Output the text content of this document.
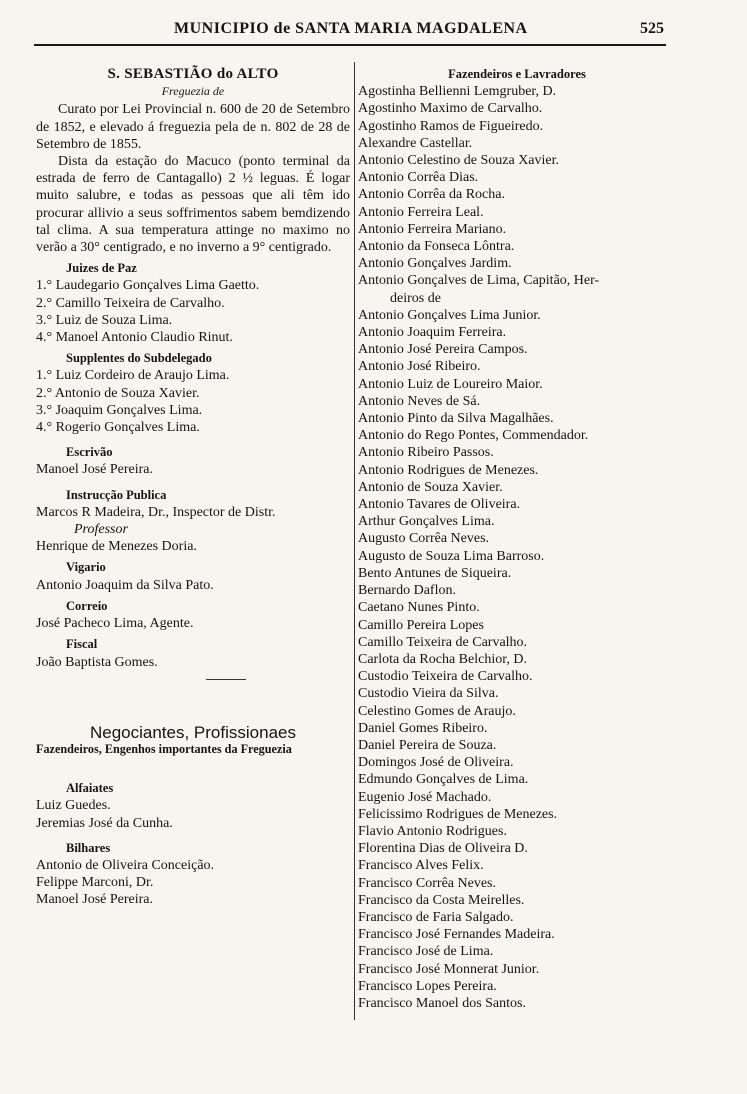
MUNICIPIO de SANTA MARIA MAGDALENA	525
S. SEBASTIÃO do ALTO
Freguezia de

Curato por Lei Provincial n. 600 de 20 de Setembro de 1852, e elevado á freguezia pela de n. 802 de 28 de Setembro de 1855.

Dista da estação do Macuco (ponto terminal da estrada de ferro de Cantagallo) 2 ½ leguas. É logar muito salubre, e todas as pessoas que ali têm ido procurar allivio a seus soffrimentos sabem bemdizendo tal clima. A sua temperatura attinge no maximo no verão a 30° centigrado, e no inverno a 9° centigrado.

Juizes de Paz
1.° Laudegario Gonçalves Lima Gaetto.
2.° Camillo Teixeira de Carvalho.
3.° Luiz de Souza Lima.
4.° Manoel Antonio Claudio Rinut.
Supplentes do Subdelegado
1.° Luiz Cordeiro de Araujo Lima.
2.° Antonio de Souza Xavier.
3.° Joaquim Gonçalves Lima.
4.° Rogerio Gonçalves Lima.
Escrivão
Manoel José Pereira.
Instrucção Publica
Marcos R Madeira, Dr., Inspector de Distr.
Professor
Henrique de Menezes Doria.
Vigario
Antonio Joaquim da Silva Pato.
Correio
José Pacheco Lima, Agente.
Fiscal
João Baptista Gomes.
Negociantes, Profissionaes
Fazendeiros, Engenhos importantes da Freguezia
Alfaiates
Luiz Guedes.
Jeremias José da Cunha.
Bilhares
Antonio de Oliveira Conceição.
Felippe Marconi, Dr.
Manoel José Pereira.
Fazendeiros e Lavradores
Agostinha Bellienni Lemgruber, D.
Agostinho Maximo de Carvalho.
Agostinho Ramos de Figueiredo.
Alexandre Castellar.
Antonio Celestino de Souza Xavier.
Antonio Corrêa Dias.
Antonio Corrêa da Rocha.
Antonio Ferreira Leal.
Antonio Ferreira Mariano.
Antonio da Fonseca Lôntra.
Antonio Gonçalves Jardim.
Antonio Gonçalves de Lima, Capitão, Her-
deiros de
Antonio Gonçalves Lima Junior.
Antonio Joaquim Ferreira.
Antonio José Pereira Campos.
Antonio José Ribeiro.
Antonio Luiz de Loureiro Maior.
Antonio Neves de Sá.
Antonio Pinto da Silva Magalhães.
Antonio do Rego Pontes, Commendador.
Antonio Ribeiro Passos.
Antonio Rodrigues de Menezes.
Antonio de Souza Xavier.
Antonio Tavares de Oliveira.
Arthur Gonçalves Lima.
Augusto Corrêa Neves.
Augusto de Souza Lima Barroso.
Bento Antunes de Siqueira.
Bernardo Daflon.
Caetano Nunes Pinto.
Camillo Pereira Lopes
Camillo Teixeira de Carvalho.
Carlota da Rocha Belchior, D.
Custodio Teixeira de Carvalho.
Custodio Vieira da Silva.
Celestino Gomes de Araujo.
Daniel Gomes Ribeiro.
Daniel Pereira de Souza.
Domingos José de Oliveira.
Edmundo Gonçalves de Lima.
Eugenio José Machado.
Felicissimo Rodrigues de Menezes.
Flavio Antonio Rodrigues.
Florentina Dias de Oliveira D.
Francisco Alves Felix.
Francisco Corrêa Neves.
Francisco da Costa Meirelles.
Francisco de Faria Salgado.
Francisco José Fernandes Madeira.
Francisco José de Lima.
Francisco José Monnerat Junior.
Francisco Lopes Pereira.
Francisco Manoel dos Santos.
